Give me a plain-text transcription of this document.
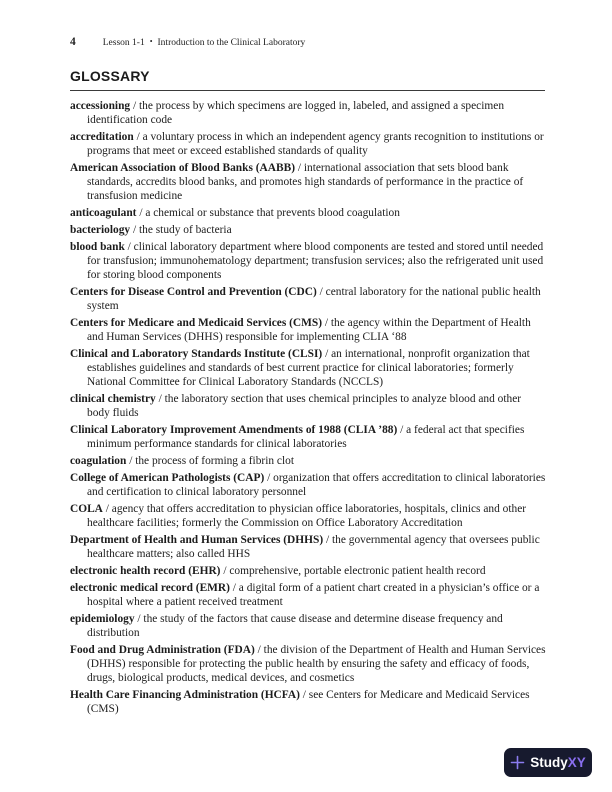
4	Lesson 1-1 • Introduction to the Clinical Laboratory
GLOSSARY

accessioning / the process by which specimens are logged in, labeled, and assigned a specimen identification code

accreditation / a voluntary process in which an independent agency grants recognition to institutions or programs that meet or exceed established standards of quality

American Association of Blood Banks (AABB) / international association that sets blood bank standards, accredits blood banks, and promotes high standards of performance in the practice of transfusion medicine

anticoagulant / a chemical or substance that prevents blood coagulation

bacteriology / the study of bacteria

blood bank / clinical laboratory department where blood components are tested and stored until needed for transfusion; immunohematology department; transfusion services; also the refrigerated unit used for storing blood components

Centers for Disease Control and Prevention (CDC) / central laboratory for the national public health system

Centers for Medicare and Medicaid Services (CMS) / the agency within the Department of Health and Human Services (DHHS) responsible for implementing CLIA ‘88

Clinical and Laboratory Standards Institute (CLSI) / an international, nonprofit organization that establishes guidelines and standards of best current practice for clinical laboratories; formerly National Committee for Clinical Laboratory Standards (NCCLS)

clinical chemistry / the laboratory section that uses chemical principles to analyze blood and other body fluids

Clinical Laboratory Improvement Amendments of 1988 (CLIA ’88) / a federal act that specifies minimum performance standards for clinical laboratories

coagulation / the process of forming a fibrin clot

College of American Pathologists (CAP) / organization that offers accreditation to clinical laboratories and certification to clinical laboratory personnel

COLA / agency that offers accreditation to physician office laboratories, hospitals, clinics and other healthcare facilities; formerly the Commission on Office Laboratory Accreditation

Department of Health and Human Services (DHHS) / the governmental agency that oversees public healthcare matters; also called HHS

electronic health record (EHR) / comprehensive, portable electronic patient health record

electronic medical record (EMR) / a digital form of a patient chart created in a physician’s office or a hospital where a patient received treatment

epidemiology / the study of the factors that cause disease and determine disease frequency and distribution

Food and Drug Administration (FDA) / the division of the Department of Health and Human Services (DHHS) responsible for protecting the public health by ensuring the safety and efficacy of foods, drugs, biological products, medical devices, and cosmetics

Health Care Financing Administration (HCFA) / see Centers for Medicare and Medicaid Services (CMS)

StudyXY
